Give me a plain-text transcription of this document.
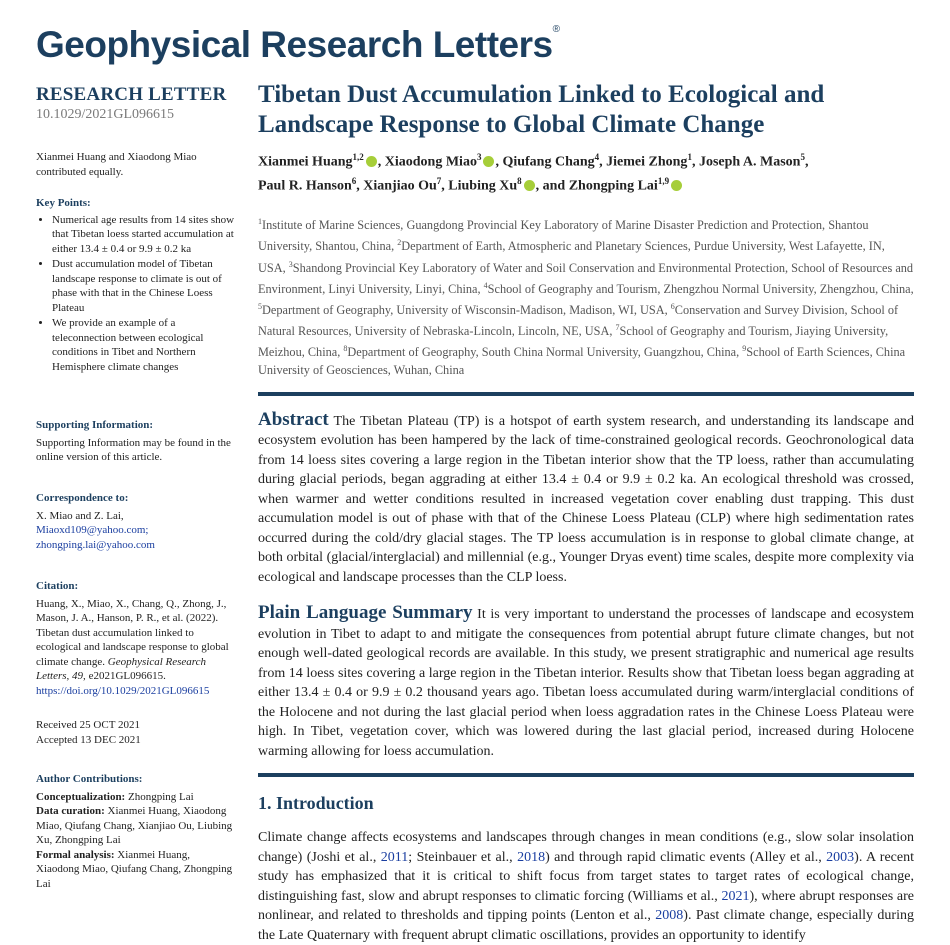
Geophysical Research Letters®
RESEARCH LETTER
10.1029/2021GL096615
Xianmei Huang and Xiaodong Miao contributed equally.
Key Points:
• Numerical age results from 14 sites show that Tibetan loess started accumulation at either 13.4 ± 0.4 or 9.9 ± 0.2 ka
• Dust accumulation model of Tibetan landscape response to climate is out of phase with that in the Chinese Loess Plateau
• We provide an example of a teleconnection between ecological conditions in Tibet and Northern Hemisphere climate changes
Supporting Information:
Supporting Information may be found in the online version of this article.
Correspondence to:
X. Miao and Z. Lai,
Miaoxd109@yahoo.com;
zhongping.lai@yahoo.com
Citation:
Huang, X., Miao, X., Chang, Q., Zhong, J., Mason, J. A., Hanson, P. R., et al. (2022). Tibetan dust accumulation linked to ecological and landscape response to global climate change. Geophysical Research Letters, 49, e2021GL096615. https://doi.org/10.1029/2021GL096615
Received 25 OCT 2021
Accepted 13 DEC 2021
Author Contributions:
Conceptualization: Zhongping Lai
Data curation: Xianmei Huang, Xiaodong Miao, Qiufang Chang, Xianjiao Ou, Liubing Xu, Zhongping Lai
Formal analysis: Xianmei Huang, Xiaodong Miao, Qiufang Chang, Zhongping Lai
Tibetan Dust Accumulation Linked to Ecological and Landscape Response to Global Climate Change
Xianmei Huang$^{1,2}$ , Xiaodong Miao$^3$ , Qiufang Chang$^4$, Jiemei Zhong$^1$, Joseph A. Mason$^5$,
Paul R. Hanson$^6$, Xianjiao Ou$^7$, Liubing Xu$^8$ , and Zhongping Lai$^{1,9}$
$^1$Institute of Marine Sciences, Guangdong Provincial Key Laboratory of Marine Disaster Prediction and Protection, Shantou University, Shantou, China, $^2$Department of Earth, Atmospheric and Planetary Sciences, Purdue University, West Lafayette, IN, USA, $^3$Shandong Provincial Key Laboratory of Water and Soil Conservation and Environmental Protection, School of Resources and Environment, Linyi University, Linyi, China, $^4$School of Geography and Tourism, Zhengzhou Normal University, Zhengzhou, China, $^5$Department of Geography, University of Wisconsin-Madison, Madison, WI, USA, $^6$Conservation and Survey Division, School of Natural Resources, University of Nebraska-Lincoln, Lincoln, NE, USA, $^7$School of Geography and Tourism, Jiaying University, Meizhou, China, $^8$Department of Geography, South China Normal University, Guangzhou, China, $^9$School of Earth Sciences, China University of Geosciences, Wuhan, China
Abstract The Tibetan Plateau (TP) is a hotspot of earth system research, and understanding its landscape and ecosystem evolution has been hampered by the lack of time-constrained geological records. Geochronological data from 14 loess sites covering a large region in the Tibetan interior show that the TP loess, rather than accumulating during glacial periods, began aggrading at either 13.4 ± 0.4 or 9.9 ± 0.2 ka. An ecological threshold was crossed, when warmer and wetter conditions resulted in increased vegetation cover enabling dust trapping. This dust accumulation model is out of phase with that of the Chinese Loess Plateau (CLP) where high sedimentation rates occurred during the cold/dry glacial stages. The TP loess accumulation is in response to global climate change, at both orbital (glacial/interglacial) and millennial (e.g., Younger Dryas event) time scales, despite more complexity via ecological and landscape processes than the CLP loess.
Plain Language Summary It is very important to understand the processes of landscape and ecosystem evolution in Tibet to adapt to and mitigate the consequences from potential abrupt future climate changes, but not enough well-dated geological records are available. In this study, we present stratigraphic and numerical age results from 14 loess sites covering a large region in the Tibetan interior. Results show that Tibetan loess began aggrading at either 13.4 ± 0.4 or 9.9 ± 0.2 thousand years ago. Tibetan loess accumulated during warm/interglacial conditions of the Holocene and not during the last glacial period when loess aggradation rates in the Chinese Loess Plateau were high. In Tibet, vegetation cover, which was lowered during the last glacial period, increased during Holocene warming allowing for loess accumulation.
1. Introduction
Climate change affects ecosystems and landscapes through changes in mean conditions (e.g., slow solar insolation change) (Joshi et al., 2011; Steinbauer et al., 2018) and through rapid climatic events (Alley et al., 2003). A recent study has emphasized that it is critical to shift focus from target states to target rates of ecological change, distinguishing fast, slow and abrupt responses to climatic forcing (Williams et al., 2021), where abrupt responses are nonlinear, and related to thresholds and tipping points (Lenton et al., 2008). Past climate change, especially during the Late Quaternary with frequent abrupt climatic oscillations, provides an opportunity to identify
